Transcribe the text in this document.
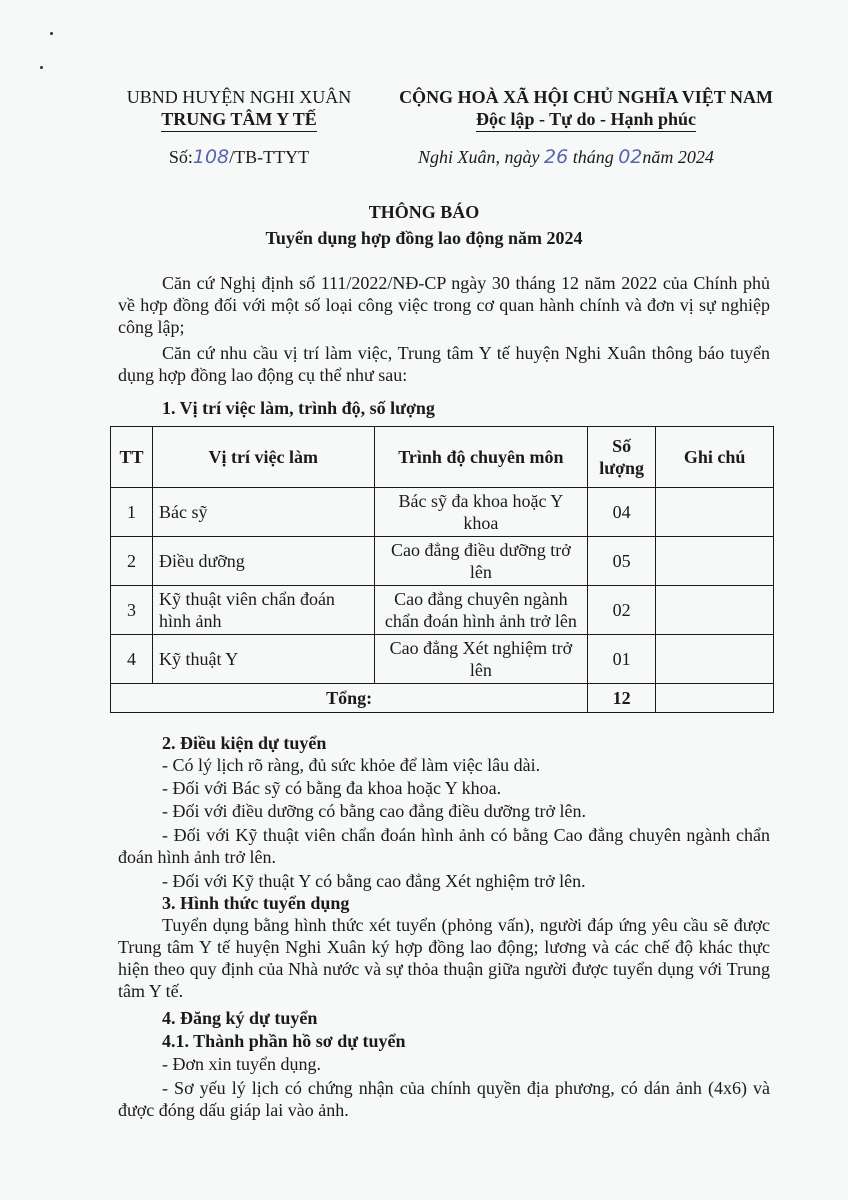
UBND HUYỆN NGHI XUÂN
TRUNG TÂM Y TẾ
CỘNG HOÀ XÃ HỘI CHỦ NGHĨA VIỆT NAM
Độc lập - Tự do - Hạnh phúc
Số:108/TB-TTYT	Nghi Xuân, ngày 26 tháng 02năm 2024
THÔNG BÁO
Tuyển dụng hợp đồng lao động năm 2024
Căn cứ Nghị định số 111/2022/NĐ-CP ngày 30 tháng 12 năm 2022 của Chính phủ về hợp đồng đối với một số loại công việc trong cơ quan hành chính và đơn vị sự nghiệp công lập;
Căn cứ nhu cầu vị trí làm việc, Trung tâm Y tế huyện Nghi Xuân thông báo tuyển dụng hợp đồng lao động cụ thể như sau:
1. Vị trí việc làm, trình độ, số lượng
TT	Vị trí việc làm	Trình độ chuyên môn	Số lượng	Ghi chú
1	Bác sỹ	Bác sỹ đa khoa hoặc Y khoa	04	
2	Điều dưỡng	Cao đẳng điều dưỡng trở lên	05	
3	Kỹ thuật viên chẩn đoán hình ảnh	Cao đẳng chuyên ngành chẩn đoán hình ảnh trở lên	02	
4	Kỹ thuật Y	Cao đẳng Xét nghiệm trở lên	01	
Tổng:			12	
2. Điều kiện dự tuyển
- Có lý lịch rõ ràng, đủ sức khỏe để làm việc lâu dài.
- Đối với Bác sỹ có bằng đa khoa hoặc Y khoa.
- Đối với điều dưỡng có bằng cao đẳng điều dưỡng trở lên.
- Đối với Kỹ thuật viên chẩn đoán hình ảnh có bằng Cao đẳng chuyên ngành chẩn đoán hình ảnh trở lên.
- Đối với Kỹ thuật Y có bằng cao đẳng Xét nghiệm trở lên.
3. Hình thức tuyển dụng
Tuyển dụng bằng hình thức xét tuyển (phỏng vấn), người đáp ứng yêu cầu sẽ được Trung tâm Y tế huyện Nghi Xuân ký hợp đồng lao động; lương và các chế độ khác thực hiện theo quy định của Nhà nước và sự thỏa thuận giữa người được tuyển dụng với Trung tâm Y tế.
4. Đăng ký dự tuyển
4.1. Thành phần hồ sơ dự tuyển
- Đơn xin tuyển dụng.
- Sơ yếu lý lịch có chứng nhận của chính quyền địa phương, có dán ảnh (4x6) và được đóng dấu giáp lai vào ảnh.
